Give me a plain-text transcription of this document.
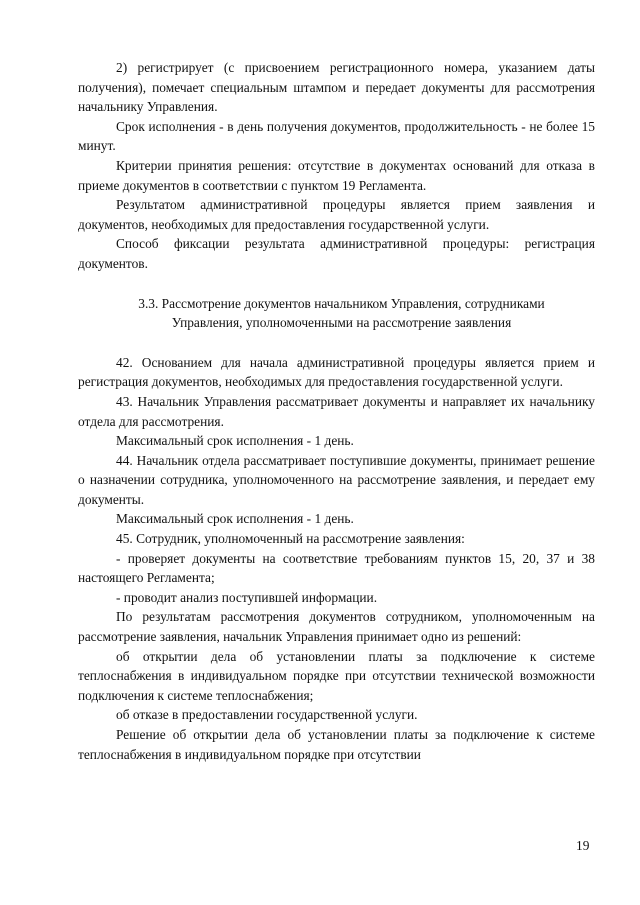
2) регистрирует (с присвоением регистрационного номера, указанием даты получения), помечает специальным штампом и передает документы для рассмотрения начальнику Управления.

Срок исполнения - в день получения документов, продолжительность - не более 15 минут.

Критерии принятия решения: отсутствие в документах оснований для отказа в приеме документов в соответствии с пунктом 19 Регламента.

Результатом административной процедуры является прием заявления и документов, необходимых для предоставления государственной услуги.

Способ фиксации результата административной процедуры: регистрация документов.

3.3. Рассмотрение документов начальником Управления, сотрудниками
Управления, уполномоченными на рассмотрение заявления

42. Основанием для начала административной процедуры является прием и регистрация документов, необходимых для предоставления государственной услуги.

43. Начальник Управления рассматривает документы и направляет их начальнику отдела для рассмотрения.

Максимальный срок исполнения - 1 день.

44. Начальник отдела рассматривает поступившие документы, принимает решение о назначении сотрудника, уполномоченного на рассмотрение заявления, и передает ему документы.

Максимальный срок исполнения - 1 день.

45. Сотрудник, уполномоченный на рассмотрение заявления:

- проверяет документы на соответствие требованиям пунктов 15, 20, 37 и 38 настоящего Регламента;

- проводит анализ поступившей информации.

По результатам рассмотрения документов сотрудником, уполномоченным на рассмотрение заявления, начальник Управления принимает одно из решений:

об открытии дела об установлении платы за подключение к системе теплоснабжения в индивидуальном порядке при отсутствии технической возможности подключения к системе теплоснабжения;

об отказе в предоставлении государственной услуги.

Решение об открытии дела об установлении платы за подключение к системе теплоснабжения в индивидуальном порядке при отсутствии

19
